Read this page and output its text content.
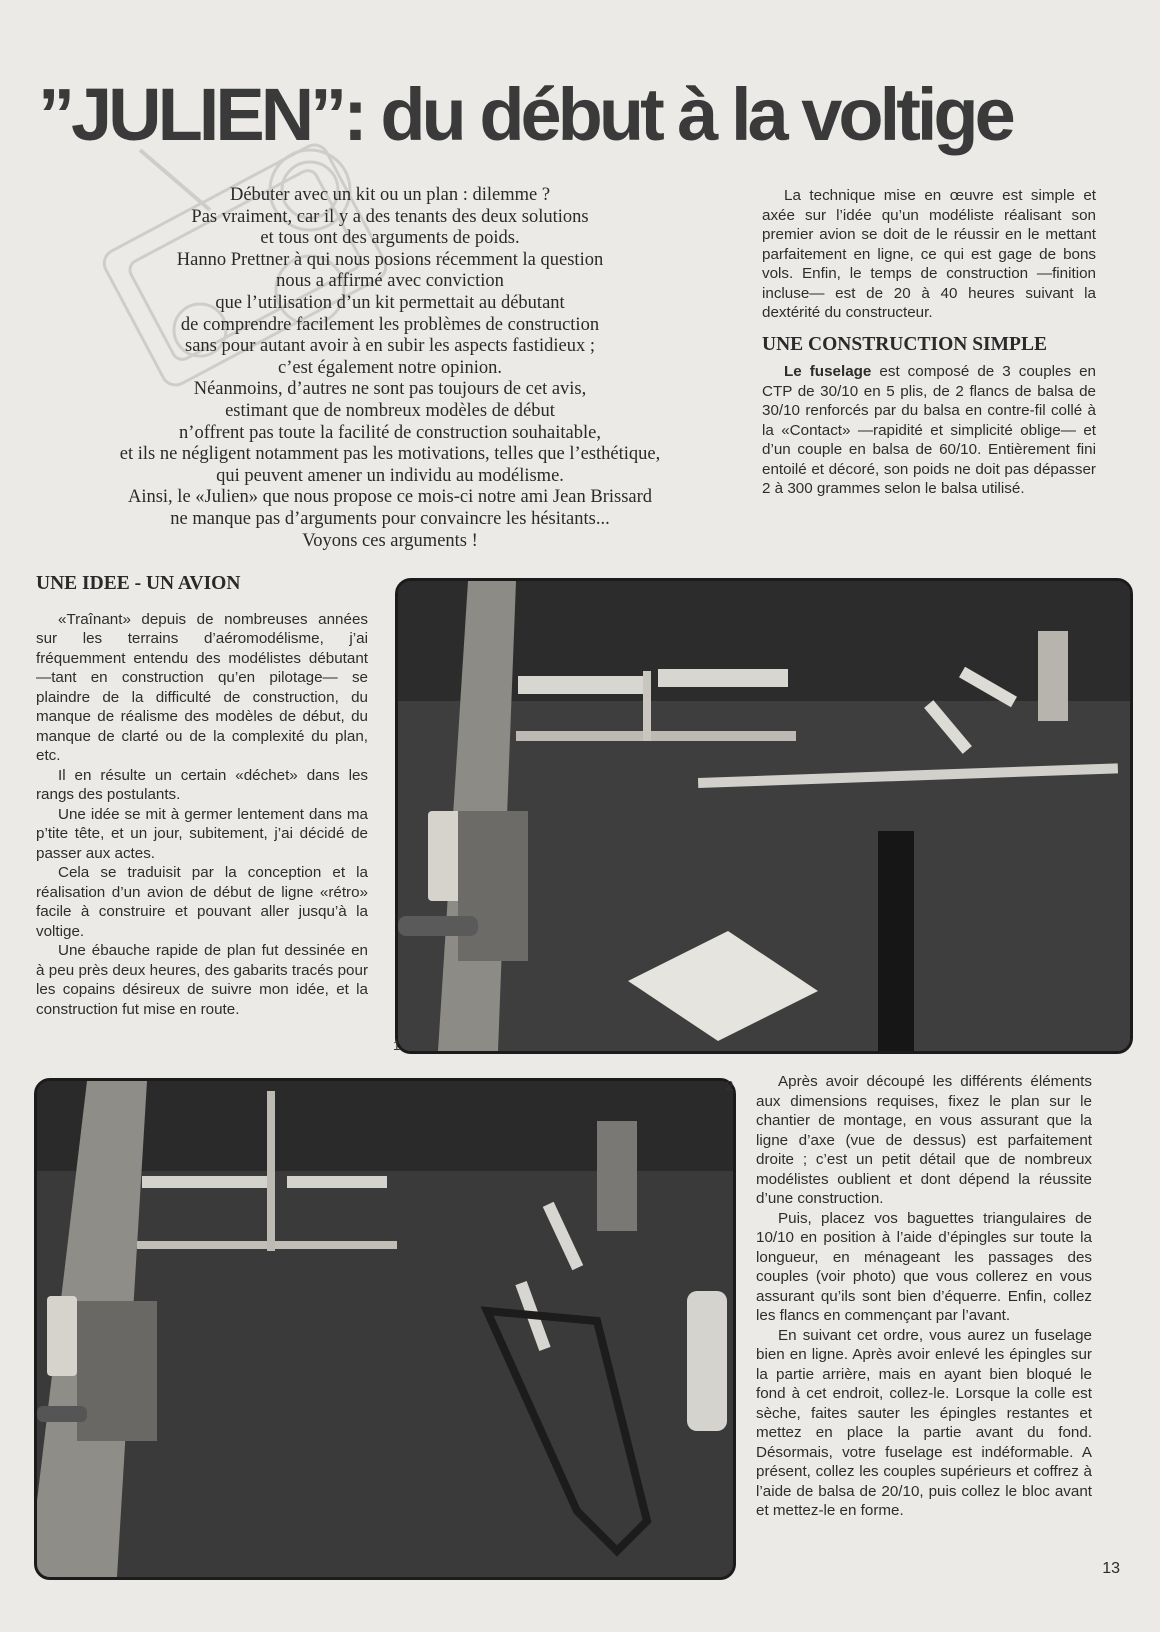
”JULIEN”: du début à la voltige

Débuter avec un kit ou un plan : dilemme ?

Pas vraiment, car il y a des tenants des deux solutions

et tous ont des arguments de poids.

Hanno Prettner à qui nous posions récemment la question

nous a affirmé avec conviction

que l’utilisation d’un kit permettait au débutant

de comprendre facilement les problèmes de construction

sans pour autant avoir à en subir les aspects fastidieux ;

c’est également notre opinion.

Néanmoins, d’autres ne sont pas toujours de cet avis,

estimant que de nombreux modèles de début

n’offrent pas toute la facilité de construction souhaitable,

et ils ne négligent notamment pas les motivations, telles que l’esthétique,

qui peuvent amener un individu au modélisme.

Ainsi, le «Julien» que nous propose ce mois-ci notre ami Jean Brissard

ne manque pas d’arguments pour convaincre les hésitants...

Voyons ces arguments !

La technique mise en œuvre est simple et axée sur l’idée qu’un modéliste réalisant son premier avion se doit de le réussir en le mettant parfaitement en ligne, ce qui est gage de bons vols. Enfin, le temps de construction —finition incluse— est de 20 à 40 heures suivant la dextérité du constructeur.

UNE CONSTRUCTION SIMPLE

Le fuselage est composé de 3 couples en CTP de 30/10 en 5 plis, de 2 flancs de balsa de 30/10 renforcés par du balsa en contre-fil collé à la «Contact» —rapidité et simplicité oblige— et d’un couple en balsa de 60/10. Entièrement fini entoilé et décoré, son poids ne doit pas dépasser 2 à 300 grammes selon le balsa utilisé.

UNE IDEE - UN AVION

«Traînant» depuis de nombreuses années sur les terrains d’aéromodélisme, j’ai fréquemment entendu des modélistes débutant —tant en construction qu’en pilotage— se plaindre de la difficulté de construction, du manque de réalisme des modèles de début, du manque de clarté ou de la complexité du plan, etc.

Il en résulte un certain «déchet» dans les rangs des postulants.

Une idée se mit à germer lentement dans ma p’tite tête, et un jour, subitement, j’ai décidé de passer aux actes.

Cela se traduisit par la conception et la réalisation d’un avion de début de ligne «rétro» facile à construire et pouvant aller jusqu’à la voltige.

Une ébauche rapide de plan fut dessinée en à peu près deux heures, des gabarits tracés pour les copains désireux de suivre mon idée, et la construction fut mise en route.

1
2	Après avoir découpé les différents éléments aux dimensions requises, fixez le plan sur le chantier de montage, en vous assurant que la ligne d’axe (vue de dessus) est parfaitement droite ; c’est un petit détail que de nombreux modélistes oublient et dont dépend la réussite d’une construction.

Puis, placez vos baguettes triangulaires de 10/10 en position à l’aide d’épingles sur toute la longueur, en ménageant les passages des couples (voir photo) que vous collerez en vous assurant qu’ils sont bien d’équerre. Enfin, collez les flancs en commençant par l’avant.

En suivant cet ordre, vous aurez un fuselage bien en ligne. Après avoir enlevé les épingles sur la partie arrière, mais en ayant bien bloqué le fond à cet endroit, collez-le. Lorsque la colle est sèche, faites sauter les épingles restantes et mettez en place la partie avant du fond. Désormais, votre fuselage est indéformable. A présent, collez les couples supérieurs et coffrez à l’aide de balsa de 20/10, puis collez le bloc avant et mettez-le en forme.

13
